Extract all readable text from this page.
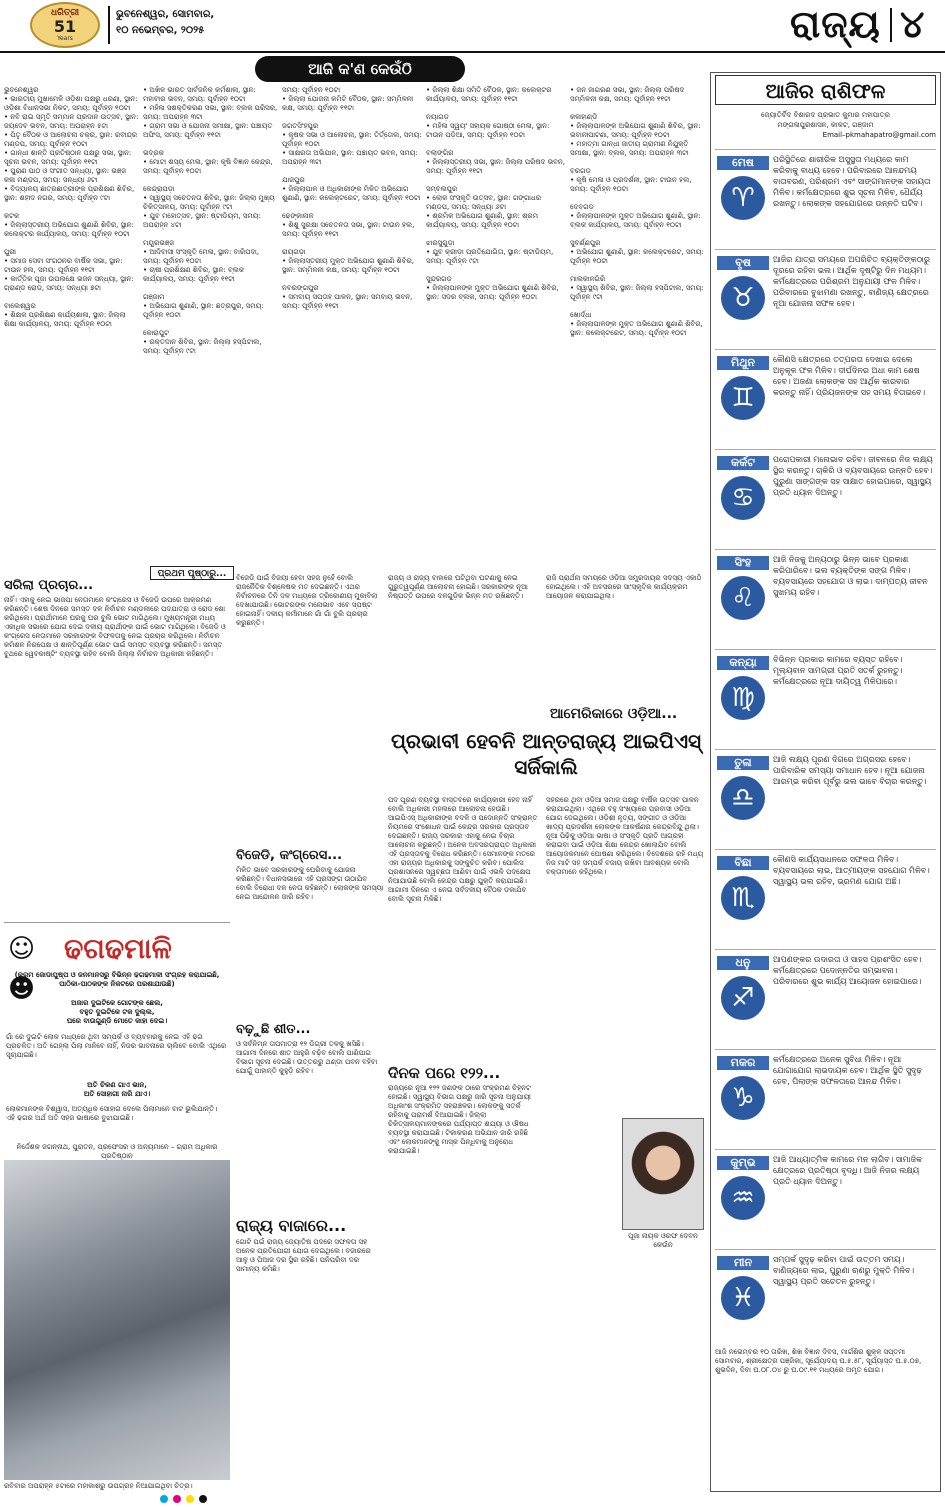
ଧରିତ୍ରୀ
51
Years
ଭୁବନେଶ୍ୱର, ସୋମବାର,
୧୦ ନଭେମ୍ବର, ୨୦୨୫	ରାଜ୍ୟ ୪
ଆଜି କ'ଣ କେଉଁଠି
ଭୁବନେଶ୍ୱର
• ଭାରତୀୟ ମୁଖାମେଳି ଓଡ଼ିଶା ପକ୍ଷରୁ ଧରଣା, ସ୍ଥାନ: ଓଡ଼ିଶା ବିଧାନସଭା ନିକଟ, ସମୟ: ପୂର୍ବାହ୍ନ ୧୦ଟା
• ନବି ରାଇ ସ୍ମୃତି ସମ୍ମାନ ପ୍ରଦାନ ଉତ୍ସବ, ସ୍ଥାନ: ଜୟଦେବ ଭବନ, ସମୟ: ଅପରାହ୍ନ ୫ଟା
• ପିତୃ ବୈଠକ ଓ ଆଲୋଚନା ଚକ୍ର, ସ୍ଥାନ: ରବୀନ୍ଦ୍ର ମଣ୍ଡପ, ସମୟ: ପୂର୍ବାହ୍ନ ୧୦ଟା
• ଗାନ୍ଧୀ ଶାନ୍ତି ପ୍ରତିଷ୍ଠାନ ପକ୍ଷରୁ ସଭା, ସ୍ଥାନ: ସୂଚନା ଭବନ, ସମୟ: ପୂର୍ବାହ୍ନ ୧୧ଟା
• ପୁରାଣ ପାଠ ଓ ସଂଗୀତ ସନ୍ଧ୍ୟା, ସ୍ଥାନ: ଭଞ୍ଜ କଳା ମଣ୍ଡପ, ସମୟ: ସନ୍ଧ୍ୟା ୬ଟା
• ବିଦ୍ୟାଳୟ ଛାତ୍ରଛାତ୍ରୀଙ୍କ ପ୍ରଶିକ୍ଷଣ ଶିବିର, ସ୍ଥାନ: ଶହୀଦ ନଗର, ସମୟ: ପୂର୍ବାହ୍ନ ୯ଟା

କଟକ
• ଜିଲ୍ଲାସ୍ତରୀୟ ଅଭିଯୋଗ ଶୁଣାଣି ଶିବିର, ସ୍ଥାନ: କଲେକ୍ଟର କାର୍ଯ୍ୟାଳୟ, ସମୟ: ପୂର୍ବାହ୍ନ ୧୦ଟା

ପୁରୀ
• ସମାଜ ସେବା ସଂଗଠନର ବାର୍ଷିକ ସଭା, ସ୍ଥାନ: ଟାଉନ ହଲ, ସମୟ: ପୂର୍ବାହ୍ନ ୧୧ଟା
• କାର୍ତ୍ତିକ ପୂଜା ଉପଲକ୍ଷେ ଭଜନ ସନ୍ଧ୍ୟା, ସ୍ଥାନ: ଗ୍ରାଣ୍ଡ ରୋଡ, ସମୟ: ସନ୍ଧ୍ୟା ୭ଟା

ବାଲେଶ୍ୱର
• ଶିକ୍ଷକ ପ୍ରଶିକ୍ଷଣ କାର୍ଯ୍ୟଶାଳା, ସ୍ଥାନ: ଜିଲ୍ଲା ଶିକ୍ଷା କାର୍ଯ୍ୟାଳୟ, ସମୟ: ପୂର୍ବାହ୍ନ ୧୦ଟା
• ଅଖିଳ ଭାରତ ସାର୍ବଜନିକ କର୍ମଶାଳା, ସ୍ଥାନ: ମହାବୀର ଭବନ, ସମୟ: ପୂର୍ବାହ୍ନ ୧୦ଟା
• ମହିଳା ସଶକ୍ତିକରଣ ସଭା, ସ୍ଥାନ: ବ୍ଲକ ପରିସର, ସମୟ: ଅପରାହ୍ନ ୩ଟା
• ଗ୍ରାମ ସଭା ଓ ଯୋଜନା ସମୀକ୍ଷା, ସ୍ଥାନ: ପଞ୍ଚାୟତ ଅଫିସ, ସମୟ: ପୂର୍ବାହ୍ନ ୧୧ଟା

ଭଦ୍ରକ
• ମୋଟା ଶସ୍ୟ ମେଳା, ସ୍ଥାନ: କୃଷି ବିଜ୍ଞାନ କେନ୍ଦ୍ର, ସମୟ: ପୂର୍ବାହ୍ନ ୧୦ଟା

କେନ୍ଦ୍ରାପଡ଼ା
• ସ୍ୱାସ୍ଥ୍ୟ ସଚେତନତା ଶିବିର, ସ୍ଥାନ: ଜିଲ୍ଲା ମୁଖ୍ୟ ଚିକିତ୍ସାଳୟ, ସମୟ: ପୂର୍ବାହ୍ନ ୯ଟା
• ଯୁବ ମହୋତ୍ସବ, ସ୍ଥାନ: ଷ୍ଟାଡିୟମ, ସମୟ: ଅପରାହ୍ନ ୪ଟା

ମୟୂରଭଞ୍ଜ
• ଆଦିବାସୀ ସଂସ୍କୃତି ମେଳା, ସ୍ଥାନ: ବାରିପଦା, ସମୟ: ପୂର୍ବାହ୍ନ ୧୦ଟା
• ଚାଷୀ ପ୍ରଶିକ୍ଷଣ ଶିବିର, ସ୍ଥାନ: ବ୍ଲକ କାର୍ଯ୍ୟାଳୟ, ସମୟ: ପୂର୍ବାହ୍ନ ୧୧ଟା

ଗଞ୍ଜାମ
• ଅଭିଯୋଗ ଶୁଣାଣି, ସ୍ଥାନ: ଛତ୍ରପୁର, ସମୟ: ପୂର୍ବାହ୍ନ ୧୦ଟା

କୋରାପୁଟ
• ରକ୍ତଦାନ ଶିବିର, ସ୍ଥାନ: ଜିଲ୍ଲା ହସ୍ପିଟାଲ, ସମୟ: ପୂର୍ବାହ୍ନ ୯ଟା
ସମୟ: ପୂର୍ବାହ୍ନ ୧୦ଟା
• ଜିଲ୍ଲା ଯୋଜନା କମିଟି ବୈଠକ, ସ୍ଥାନ: ସମ୍ମିଳନୀ କକ୍ଷ, ସମୟ: ପୂର୍ବାହ୍ନ ୧୧ଟା

ଜଗତସିଂହପୁର
• କୃଷକ ସଭା ଓ ଆଲୋଚନା, ସ୍ଥାନ: ତିର୍ତ୍ତୋଲ, ସମୟ: ପୂର୍ବାହ୍ନ ୧୦ଟା
• ସାକ୍ଷରତା ଅଭିଯାନ, ସ୍ଥାନ: ପଞ୍ଚାୟତ ଭବନ, ସମୟ: ଅପରାହ୍ନ ୩ଟା

ଯାଜପୁର
• ଜିଲ୍ଲାପାଳ ଓ ଅଧିକାରୀଙ୍କ ମିଳିତ ଅଭିଯୋଗ ଶୁଣାଣି, ସ୍ଥାନ: କଲେକ୍ଟରେଟ, ସମୟ: ପୂର୍ବାହ୍ନ ୧୦ଟା

ଢେଙ୍କାନାଳ
• ଶିଶୁ ସୁରକ୍ଷା ସଚେତନତା ସଭା, ସ୍ଥାନ: ଟାଉନ ହଲ, ସମୟ: ପୂର୍ବାହ୍ନ ୧୧ଟା

ରାୟଗଡ଼ା
• ଜିଲ୍ଲାସ୍ତରୀୟ ମୁକ୍ତ ଅଭିଯୋଗ ଶୁଣାଣି ଶିବିର, ସ୍ଥାନ: ସମ୍ମିଳନୀ କକ୍ଷ, ସମୟ: ପୂର୍ବାହ୍ନ ୧୦ଟା

ନବରଙ୍ଗପୁର
• ସମବାୟ ସପ୍ତାହ ପାଳନ, ସ୍ଥାନ: ସମବାୟ ଭବନ, ସମୟ: ପୂର୍ବାହ୍ନ ୧୧ଟା
• ଜିଲ୍ଲା ଶିକ୍ଷା ସମିତି ବୈଠକ, ସ୍ଥାନ: କଲେକ୍ଟର କାର୍ଯ୍ୟାଳୟ, ସମୟ: ପୂର୍ବାହ୍ନ ୧୧ଟା

ନୟାଗଡ଼
• ମହିଳା ସ୍ୱୟଂ ସହାୟକ ଗୋଷ୍ଠୀ ମେଳା, ସ୍ଥାନ: ଟାଉନ ପଡ଼ିଆ, ସମୟ: ପୂର୍ବାହ୍ନ ୧୦ଟା

ବଲାଙ୍ଗିର
• ଜିଲ୍ଲାସ୍ତରୀୟ ସଭା, ସ୍ଥାନ: ଜିଲ୍ଲା ପରିଷଦ ଭବନ, ସମୟ: ପୂର୍ବାହ୍ନ ୧୧ଟା

ସମ୍ବଲପୁର
• ଲୋକ ସଂସ୍କୃତି ଉତ୍ସବ, ସ୍ଥାନ: ଗଙ୍ଗାଧର ମଣ୍ଡପ, ସମୟ: ସନ୍ଧ୍ୟା ୬ଟା
• ଶ୍ରମିକ ଅଭିଯୋଗ ଶୁଣାଣି, ସ୍ଥାନ: ଶ୍ରମ କାର୍ଯ୍ୟାଳୟ, ସମୟ: ପୂର୍ବାହ୍ନ ୧୦ଟା

ଝାରସୁଗୁଡ଼ା
• ଯୁବ କ୍ରୀଡ଼ା ପ୍ରତିଯୋଗିତା, ସ୍ଥାନ: ଷ୍ଟାଡିୟମ, ସମୟ: ପୂର୍ବାହ୍ନ ୯ଟା

ସୁନ୍ଦରଗଡ଼
• ଜିଲ୍ଲାପାଳଙ୍କ ମୁକ୍ତ ଅଭିଯୋଗ ଶୁଣାଣି ଶିବିର, ସ୍ଥାନ: ସଦର ବ୍ଲକ, ସମୟ: ପୂର୍ବାହ୍ନ ୧୦ଟା
• ଜନ ଜାଗରଣ ସଭା, ସ୍ଥାନ: ଜିଲ୍ଲା ପରିଷଦ ସମ୍ମିଳନୀ କକ୍ଷ, ସମୟ: ପୂର୍ବାହ୍ନ ୧୧ଟା

କଳାହାଣ୍ଡି
• ଜିଲ୍ଲାପାଳଙ୍କ ଅଭିଯୋଗ ଶୁଣାଣି ଶିବିର, ସ୍ଥାନ: ଭବାନୀପାଟଣା, ସମୟ: ପୂର୍ବାହ୍ନ ୧୦ଟା
• ମହାତ୍ମା ଗାନ୍ଧୀ ଜାତୀୟ ଗ୍ରାମୀଣ ନିଯୁକ୍ତି ସମୀକ୍ଷା, ସ୍ଥାନ: ବ୍ଲକ, ସମୟ: ଅପରାହ୍ନ ୩ଟା

ବରଗଡ଼
• କୃଷି ମେଳା ଓ ପ୍ରଦର୍ଶନୀ, ସ୍ଥାନ: ଟାଉନ ହଲ, ସମୟ: ପୂର୍ବାହ୍ନ ୧୦ଟା

ଦେବଗଡ଼
• ଜିଲ୍ଲାପାଳଙ୍କ ମୁକ୍ତ ଅଭିଯୋଗ ଶୁଣାଣି, ସ୍ଥାନ: ବ୍ଲକ କାର୍ଯ୍ୟାଳୟ, ସମୟ: ପୂର୍ବାହ୍ନ ୧୦ଟା

ସୁବର୍ଣ୍ଣପୁର
• ଅଭିଯୋଗ ଶୁଣାଣି, ସ୍ଥାନ: କଲେକ୍ଟରେଟ, ସମୟ: ପୂର୍ବାହ୍ନ ୧୦ଟା

ମାଲକାନଗିରି
• ସ୍ୱାସ୍ଥ୍ୟ ଶିବିର, ସ୍ଥାନ: ଜିଲ୍ଲା ହସ୍ପିଟାଲ, ସମୟ: ପୂର୍ବାହ୍ନ ୯ଟା

ଖୋର୍ଦ୍ଧା
• ଜିଲ୍ଲାପାଳଙ୍କ ମୁକ୍ତ ଅଭିଯୋଗ ଶୁଣାଣି ଶିବିର, ସ୍ଥାନ: କଲେକ୍ଟରେଟ, ସମୟ: ପୂର୍ବାହ୍ନ ୧୦ଟା
ଆଜିର ରାଶିଫଳ
ଜ୍ୟୋତିର୍ବିଦ ବିଶାରଦ ପ୍ରଭାତ କୁମାର ମହାପାତ୍ର
ମଙ୍ଗଳାପୁରଶାସନ, କାକଟ, ଗଞ୍ଜାମ
Email–pkmahapatro@gmail.com
ମେଷ
♈
ପରିସ୍ଥିତିରେ ଶାରୀରିକ ଅସୁସ୍ଥତା ମଧ୍ୟରେ କାମ କରିବାକୁ ବାଧ୍ୟ ହେବେ। ପରିବାରରେ ଆନନ୍ଦମୟ ବାତାବରଣ, ପରିଶ୍ରମ ଏବଂ ସାଙ୍ଗମାନଙ୍କ ସହାୟତା ମିଳିବ। କର୍ମକ୍ଷେତ୍ରରେ ଶୁଭ ସୂଚନା ମିଳିବ, ଧୈର୍ଯ୍ୟ ରଖନ୍ତୁ। ଲୋକଙ୍କ ସହଯୋଗରେ ଉନ୍ନତି ଘଟିବ।
ବୃଷ
♉
ଆଜିର ଯାତ୍ରା ସମୟରେ ଅପରିଚିତ ବ୍ୟକ୍ତିଙ୍କଠାରୁ ଦୂରରେ ରହିବା ଭଲ। ଆର୍ଥିକ ଦୃଷ୍ଟିରୁ ଦିନ ମଧ୍ୟମ। କର୍ମକ୍ଷେତ୍ରରେ ପରିଶ୍ରମ ଅନୁଯାୟୀ ଫଳ ମିଳିବ। ପରିବାରରେ ବୁଝାମଣା ରଖନ୍ତୁ, ବାଣିଜ୍ୟ କ୍ଷେତ୍ରରେ ନୂଆ ଯୋଜନା ସଫଳ ହେବ।
ମିଥୁନ
♊
କୌଣସି କ୍ଷେତ୍ରରେ ତତ୍ପରତା ଦେଖାଇ ଦେଲେ ଅନୁକୂଳ ଫଳ ମିଳିବ। ଦୀର୍ଘଦିନର ଅଧା କାମ ଶେଷ ହେବ। ଅଜଣା ଲୋକଙ୍କ ସହ ଆର୍ଥିକ କାରବାର କରନ୍ତୁ ନାହିଁ। ପ୍ରିୟଜନଙ୍କ ସହ ସମୟ ବିତାଇବେ।
କର୍କଟ
♋
ପରୋପକାରୀ ମନୋଭାବ ରହିବ। ଜୀବନରେ ନିଜ ଲକ୍ଷ୍ୟ ସ୍ଥିର କରନ୍ତୁ। ଚାକିରି ଓ ବ୍ୟବସାୟରେ ଉନ୍ନତି ହେବ। ପୁରୁଣା ସାଙ୍ଗଙ୍କ ସହ ସାକ୍ଷାତ ହୋଇପାରେ, ସ୍ୱାସ୍ଥ୍ୟ ପ୍ରତି ଧ୍ୟାନ ଦିଅନ୍ତୁ।
ସିଂହ
♌
ଆଜି ନିଜକୁ ଅନ୍ୟଠାରୁ ଭିନ୍ନ ଭାବେ ପ୍ରକାଶ କରିପାରିବେ। ଭଲ ବ୍ୟକ୍ତିଙ୍କ ସଙ୍ଗ ମିଳିବ। ବ୍ୟବସାୟରେ ସହଯୋଗ ଓ ଲାଭ। ଦାମ୍ପତ୍ୟ ଜୀବନ ସୁଖମୟ ରହିବ।
କନ୍ୟା
♍
ବିଭିନ୍ନ ପ୍ରକାର କାମରେ ବ୍ୟସ୍ତ ରହିବେ। ମୂଲ୍ୟବାନ ସାମଗ୍ରୀ ପ୍ରତି ସତର୍କ ରୁହନ୍ତୁ। କର୍ମକ୍ଷେତ୍ରରେ ନୂଆ ଦାୟିତ୍ୱ ମିଳିପାରେ।
ତୁଳା
♎
ଆଜି ଲକ୍ଷ୍ୟ ପୂରଣ ଦିଗରେ ଅଗ୍ରସର ହେବେ। ପାରିବାରିକ ସମସ୍ୟା ସମାଧାନ ହେବ। ନୂଆ ଯୋଜନା ଆରମ୍ଭ କରିବା ପୂର୍ବରୁ ଭଲ ଭାବେ ବିଚାର କରନ୍ତୁ।
ବିଛା
♏
କୌଣସି କାର୍ଯ୍ୟସାଧନରେ ସଫଳତା ମିଳିବ। ବ୍ୟବସାୟରେ ଲାଭ, ଆତ୍ମୀୟଙ୍କ ସହଯୋଗ ମିଳିବ। ସ୍ୱାସ୍ଥ୍ୟ ଭଲ ରହିବ, ଭ୍ରମଣ ଯୋଗ ଅଛି।
ଧନୁ
♐
ଆପଣଙ୍କର ଉଦାରତା ଓ ସାହସ ପ୍ରଶଂସିତ ହେବ। କର୍ମକ୍ଷେତ୍ରରେ ପଦୋନ୍ନତିର ସମ୍ଭାବନା। ପରିବାରରେ ଶୁଭ କାର୍ଯ୍ୟ ଆୟୋଜନ ହୋଇପାରେ।
ମକର
♑
କର୍ମକ୍ଷେତ୍ରରେ ଅନେକ ସୁବିଧା ମିଳିବ। ନୂଆ ଯୋଗାଯୋଗ ଲାଭଦାୟକ ହେବ। ଆର୍ଥିକ ସ୍ଥିତି ସୁଦୃଢ଼ ହେବ, ପିଲାଙ୍କ ସଫଳତାରେ ଆନନ୍ଦ ମିଳିବ।
କୁମ୍ଭ
♒
ଆଜି ଆଧ୍ୟାତ୍ମିକ କାମରେ ମନ ଲାଗିବ। ସାମାଜିକ କ୍ଷେତ୍ରରେ ପ୍ରତିଷ୍ଠା ବୃଦ୍ଧି। ଆଜି ନିଜର ଲକ୍ଷ୍ୟ ପ୍ରତି ଧ୍ୟାନ ଦିଅନ୍ତୁ।
ମୀନ
♓
ସମ୍ପର୍କ ସୁଦୃଢ଼ କରିବା ପାଇଁ ଉତ୍ତମ ସମୟ। ବାଣିଜ୍ୟରେ ଲାଭ, ପୁରୁଣା ଋଣରୁ ମୁକ୍ତି ମିଳିବ। ସ୍ୱାସ୍ଥ୍ୟ ପ୍ରତି ସଚେତନ ରୁହନ୍ତୁ।
ଆଜି ନଭେମ୍ବର ୧୦ ତାରିଖ, ଶିଖ ବିଜ୍ଞାନ ଦିବସ, ମାର୍ଗଶିର ଶୁକ୍ଳ ସପ୍ତମୀ ସୋମବାର, ଶ୍ରୀକ୍ଷେତ୍ର ପଞ୍ଜିକା, ସୂର୍ଯ୍ୟୋଦୟ ଘ.୫.୫୮, ସୂର୍ଯ୍ୟାସ୍ତ ଘ.୫.୦୭, ଶୁଭଦିନ, ଦିବା ଘ.୦୮.୦୪ ରୁ ଘ.୦୯.୧୧ ମଧ୍ୟରେ ଅମୃତ ଯୋଗ।
ପ୍ରଥମ ପୃଷ୍ଠାରୁ...
ସରିଲା ପ୍ରଚାର...
ନାହିଁ। ଏହାକୁ ନେଇ ଭାଜପା ନେତାମାନେ କଂଗ୍ରେସ ଓ ବିଜେଡି ଉପରେ ଆକ୍ରମଣ କରିଛନ୍ତି। ଶେଷ ଦିନରେ ସମସ୍ତ ଦଳ ନିର୍ବାଚନ ମଣ୍ଡଳୀରେ ପଦଯାତ୍ରା ଓ ରୋଡ ଶୋ କରିଥିଲେ। ପ୍ରାର୍ଥୀମାନେ ଘରକୁ ଘର ବୁଲି ଭୋଟ ମାଗିଥିଲେ। ମୁଖ୍ୟମନ୍ତ୍ରୀ ମଧ୍ୟ ଏକାଧିକ ସଭାରେ ଯୋଗ ଦେଇ ଦଳୀୟ ପ୍ରାର୍ଥୀଙ୍କ ପାଇଁ ଭୋଟ ମାଗିଥିଲେ। ବିଜେଡି ଓ କଂଗ୍ରେସ ନେତାମାନେ ସରକାରଙ୍କ ବିଫଳତାକୁ ନେଇ ପ୍ରଚାର କରିଥିଲେ। ନିର୍ବାଚନ କମିଶନ ନିରପେକ୍ଷ ଓ ଶାନ୍ତିପୂର୍ଣ୍ଣ ଭୋଟ ପାଇଁ ସମସ୍ତ ବ୍ୟବସ୍ଥା କରିଛନ୍ତି। ସମସ୍ତ ବୁଥରେ ୱେବକାଷ୍ଟିଂ ବ୍ୟବସ୍ଥା ରହିବ ବୋଲି ଜିଲ୍ଲା ନିର୍ବାଚନ ଅଧିକାରୀ କହିଛନ୍ତି।
☺☻
ଢଗଢମାଳି
(କ୍ରମ ଜୋଡାପୁଷ୍ପ ଓ ଜନମାନସରୁ ବିଭିନ୍ନ ଢଗଢମାଳୀ ସଂଗ୍ରହ କରାଯାଇଛି, ପାଠିକା-ପାଠକଙ୍କ ନିକଟରେ ପରଶାଯାଉଛି)
ଅଜାର ଦୁଇଟିକେ ଗୋଟଙ୍କ ଛେଲ,
ବହୁତ ଦୁଇଟିକେ ଟକ ଦୁଲ୍ଲ,
ଘରେ ବାଉଗୁଣ୍ଡି ମୋତେ କାହା ଦେଇ।
ଗାଁ ରେ ଦୁଇଟି ଲୋକ ମଧ୍ୟରେ ଥିବା ସମ୍ପର୍କ ଓ ବ୍ୟବହାରକୁ ନେଇ ଏହି ଢଗ ପ୍ରଚଳିତ। ଅତି ଗେହ୍ଲା ପିଲା ମାନିବେ ନାହିଁ, ନିଜର ଭାବନାରେ ଚାଲିବେ ବୋଲି ଏଥିରେ ସୂଚାଯାଇଛି।
ଅତି ଚିକଣ ଗାଏ ଭାନ,
ଅତି ସୋହାଗୀ ନାରି ଯାଏ।
ଲୋକମାନଙ୍କ ବିଶ୍ୱାସ, ଅତ୍ୟଧିକ ସୋହାଗ ଦେଲେ ପିଲାମାନେ ବାଟ ଭୁଲିଯାନ୍ତି। ଏହି ଢଗର ଅର୍ଥ ଅତି ସହଜ ଭାଷାରେ ବୁଝାଯାଇଛି।
ନିର୍ଦ୍ଦେଶକ ଜଗନ୍ନାଥ, ପୁରାତନ, ପ୍ରଫେସର ଓ ଅନ୍ୟମାନେ – ଗ୍ରାମ ଅଧିକାର ପ୍ରତିଷ୍ଠାନ
ରବିବାର ଅପରାହ୍ନ ୫ଟାରେ ମହାକାଶରୁ ଉପଗ୍ରହ ନିଆଯାଇଥିବା ଚିତ୍ର।
ବିଜେଡି ପାଇଁ ବିଜୟୀ ହେବା ସହଜ ନୁହେଁ ବୋଲି ରାଜନୈତିକ ବିଶ୍ଳେଷକ ମତ ଦେଇଛନ୍ତି। ଏଥର ନିର୍ବାଚନରେ ତିନି ଦଳ ମଧ୍ୟରେ ତ୍ରିକୋଣୀୟ ମୁକାବିଲା ଦେଖାଯାଉଛି। ଭୋଟରଙ୍କ ମନୋଭାବ ଏବେ ସ୍ପଷ୍ଟ ହୋଇନାହିଁ। ଦଳୀୟ କର୍ମୀମାନେ ଗାଁ ଗାଁ ବୁଲି ପ୍ରଚାର କରୁଛନ୍ତି।
ବିଜେଡି, କଂଗ୍ରେସ...
ମିଳିତ ଭାବେ ସରକାରଙ୍କୁ ଘେରିବାକୁ ଯୋଜନା କରିଛନ୍ତି। ବିଧାନସଭାରେ ଏହି ପ୍ରସଙ୍ଗ ଉଠାଯିବ ବୋଲି ବିରୋଧୀ ଦଳ ନେତା କହିଛନ୍ତି। ଲୋକଙ୍କ ସମସ୍ୟା ନେଇ ଆନ୍ଦୋଳନ ଜାରି ରହିବ।
ବଢ଼ୁଛି ଶୀତ...
ଓ ସର୍ବନିମ୍ନ ତାପମାତ୍ରା ୧୨ ଡିଗ୍ରୀ ତଳକୁ ଖସିଛି। ଆଗାମୀ ଦିନରେ ଶୀତ ଆହୁରି ବଢ଼ିବ ବୋଲି ପାଣିପାଗ ବିଭାଗ ସୂଚନା ଦେଇଛି। ଉତ୍ତରରୁ ଥଣ୍ଡା ପବନ ବହିବା ଯୋଗୁଁ ପାହାନ୍ତି କୁହୁଡ଼ି ରହିବ।
ରାଜ୍ୟ ବାଜାରେ...
ଗୋଟି ପଇଁ ରାଜ୍ୟ ଜ୍ୟୋତିଷ ପଦରେ ସଫଳତା ସହ ଅନେକ ପ୍ରତିଯୋଗୀ ଯୋଗ ଦେଇଥିଲେ। ବଜାରରେ ଆଳୁ ଓ ପିଆଜ ଦର ସ୍ଥିର ରହିଛି। ପନିପରିବା ଦର ସାମାନ୍ୟ କମିଛି।
ରାଜ୍ୟ ଓ ରାଜ୍ୟ ବାହାରେ ଘଟିଥିବା ଘଟଣାକୁ ନେଇ ଗୁରୁତ୍ୱପୂର୍ଣ୍ଣ ଆଲୋଚନା ହୋଇଛି। ସରକାରଙ୍କ ନୂଆ ନିଷ୍ପତ୍ତି ଉପରେ ଦଳଗୁଡ଼ିକ ଭିନ୍ନ ମତ ରଖିଛନ୍ତି।
ପ୍ରଭାବୀ ହେବନି ଆନ୍ତରାଜ୍ୟ ଆଇପିଏସ୍ ସର୍ଜିକାଲି
ପଦ ପୂରଣ ବ୍ୟବସ୍ଥା ବାସ୍ତବରେ କାର୍ଯ୍ୟକାରୀ ହେବ ନାହିଁ ବୋଲି ଅଧିକାରୀ ମହଲରେ ଆଲୋଚନା ହେଉଛି। ଆଇପିଏସ୍ ଅଧିକାରୀଙ୍କ ବଦଳି ଓ ପଦୋନ୍ନତି ସଂକ୍ରାନ୍ତ ନିୟମରେ ସଂଶୋଧନ ପାଇଁ କେନ୍ଦ୍ର ସରକାର ପ୍ରସ୍ତାବ ଦେଇଛନ୍ତି। ରାଜ୍ୟ ସରକାର ଏହାକୁ ନେଇ ବିଚାର ଆଲୋଚନା କରୁଛନ୍ତି। ଅନେକ ଅବସରପ୍ରାପ୍ତ ଅଧିକାରୀ ଏହି ପ୍ରସ୍ତାବକୁ ବିରୋଧ କରିଛନ୍ତି। ସେମାନଙ୍କ ମତରେ ଏହା ରାଜ୍ୟର ଅଧିକାରକୁ ସଙ୍କୁଚିତ କରିବ। ପୋଲିସ ପ୍ରଶାସନରେ ସ୍ୱଚ୍ଛତା ଆଣିବା ପାଇଁ ଏଭଳି ପଦକ୍ଷେପ ନିଆଯାଉଛି ବୋଲି କେନ୍ଦ୍ର ପକ୍ଷରୁ ଯୁକ୍ତି କରାଯାଇଛି। ଆଗାମୀ ଦିନରେ ଏ ନେଇ ସର୍ବଦଳୀୟ ବୈଠକ ଡକାଯିବ ବୋଲି ସୂଚନା ମିଳିଛି।
ଦିନକ ପରେ ୧୨୨...
ରାଜ୍ୟରେ ନୂଆ ୧୨୨ ଜଣଙ୍କ ଠାରେ ସଂକ୍ରମଣ ଚିହ୍ନଟ ହୋଇଛି। ସ୍ୱାସ୍ଥ୍ୟ ବିଭାଗ ପକ୍ଷରୁ ଜାରି ସୂଚନା ଅନୁଯାୟୀ ଅଧିକାଂଶ ସଂକ୍ରମିତ ସହରାଞ୍ଚଳର। ଲୋକଙ୍କୁ ସତର୍କ ରହିବାକୁ ପରାମର୍ଶ ଦିଆଯାଇଛି। ଜିଲ୍ଲା ଚିକିତ୍ସାଳୟମାନଙ୍କରେ ପର୍ଯ୍ୟାପ୍ତ ଶଯ୍ୟା ଓ ଔଷଧ ବ୍ୟବସ୍ଥା କରାଯାଇଛି। ଟିକାକରଣ ଅଭିଯାନ ଜାରି ରହିଛି ଏବଂ ଲୋକମାନଙ୍କୁ ମାସ୍କ ପିନ୍ଧିବାକୁ ଅନୁରୋଧ କରାଯାଇଛି।
ରାଜି ପ୍ରାର୍ଥନା ସମୟରେ ଓଡ଼ିଆ ସମ୍ପ୍ରଦାୟର ସଦସ୍ୟ ଏକାଠି ହୋଇଥିଲେ। ଏହି ଅବସରରେ ସାଂସ୍କୃତିକ କାର୍ଯ୍ୟକ୍ରମ ଆୟୋଜନ କରାଯାଇଥିଲା।
ଆମେରିକାରେ ଓଡ଼ିଆ...
ସହରରେ ଥିବା ଓଡ଼ିଆ ସମାଜ ପକ୍ଷରୁ ବାର୍ଷିକ ଉତ୍ସବ ପାଳନ କରାଯାଇଥିଲା। ଏଥିରେ ବହୁ ସଂଖ୍ୟାରେ ପ୍ରବାସୀ ଓଡ଼ିଆ ଯୋଗ ଦେଇଥିଲେ। ଓଡ଼ିଶୀ ନୃତ୍ୟ, ସଙ୍ଗୀତ ଓ ଓଡ଼ିଆ ଖାଦ୍ୟ ପ୍ରଦର୍ଶନୀ ଲୋକଙ୍କ ଆକର୍ଷଣର କେନ୍ଦ୍ରବିନ୍ଦୁ ଥିଲା। ନୂଆ ପିଢ଼ିକୁ ଓଡ଼ିଆ ଭାଷା ଓ ସଂସ୍କୃତି ପ୍ରତି ଆଗ୍ରହୀ କରାଇବା ପାଇଁ ଓଡ଼ିଆ ଶିକ୍ଷା କେନ୍ଦ୍ର ଖୋଲାଯିବ ବୋଲି ଆୟୋଜକମାନେ ଘୋଷଣା କରିଥିଲେ। ବିଦେଶରେ ରହି ମଧ୍ୟ ନିଜ ମାଟି ସହ ସମ୍ପର୍କ ବଜାୟ ରଖିବା ଆବଶ୍ୟକ ବୋଲି ବକ୍ତାମାନେ କହିଥିଲେ।
ପୂଜା ନାୟକ ଓରଫ ଦେବନ କେଉଁନ
